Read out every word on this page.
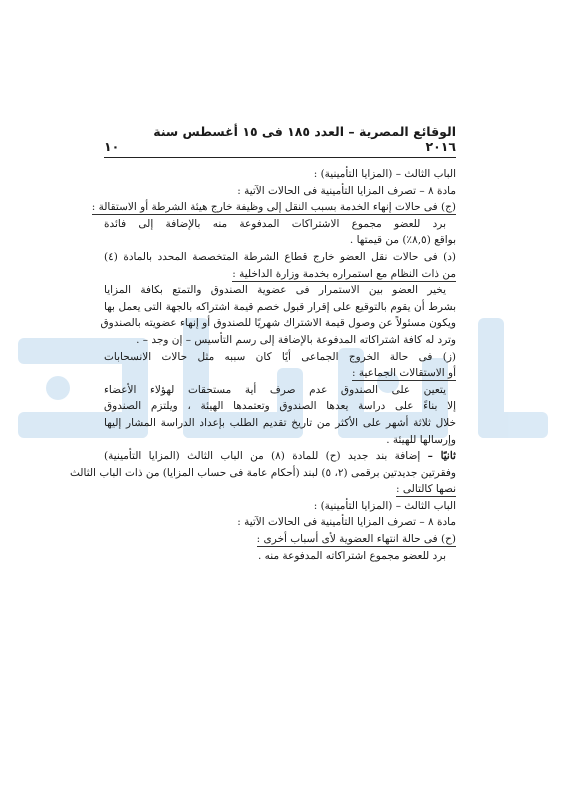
الوقائع المصرية – العدد ١٨٥ فى ١٥ أغسطس سنة ٢٠١٦
١٠
الباب الثالث – (المزايا التأمينية) :
مادة ٨ – تصرف المزايا التأمينية فى الحالات الآتية :
(ج) فى حالات إنهاء الخدمة بسبب النقل إلى وظيفة خارج هيئة الشرطة أو الاستقالة :
برد للعضو مجموع الاشتراكات المدفوعة منه بالإضافة إلى فائدة
بواقع (٨,٥٪) من قيمتها .
(د) فى حالات نقل العضو خارج قطاع الشرطة المتخصصة المحدد بالمادة (٤)
من ذات النظام مع استمراره بخدمة وزارة الداخلية :
يخير العضو بين الاستمرار فى عضوية الصندوق والتمتع بكافة المزايا
بشرط أن يقوم بالتوقيع على إقرار قبول خصم قيمة اشتراكه بالجهة التى يعمل بها
ويكون مسئولاً عن وصول قيمة الاشتراك شهريًا للصندوق أو إنهاء عضويته بالصندوق
وترد له كافة اشتراكاته المدفوعة بالإضافة إلى رسم التأسيس – إن وجد – .
(ز) فى حالة الخروج الجماعى أيًا كان سببه مثل حالات الانسحابات
أو الاستقالات الجماعية :
يتعين على الصندوق عدم صرف أية مستحقات لهؤلاء الأعضاء
إلا بناءً على دراسة يعدها الصندوق وتعتمدها الهيئة ، ويلتزم الصندوق
خلال ثلاثة أشهر على الأكثر من تاريخ تقديم الطلب بإعداد الدراسة المشار إليها
وإرسالها للهيئة .
ثانيًا – إضافة بند جديد (ح) للمادة (٨) من الباب الثالث (المزايا التأمينية)
وفقرتين جديدتين برقمى (٢، ٥) لبند (أحكام عامة فى حساب المزايا) من ذات الباب الثالث
نصها كالتالى :
الباب الثالث – (المزايا التأمينية) :
مادة ٨ – تصرف المزايا التأمينية فى الحالات الآتية :
(ح) فى حالة انتهاء العضوية لأى أسباب أخرى :
برد للعضو مجموع اشتراكاته المدفوعة منه .
